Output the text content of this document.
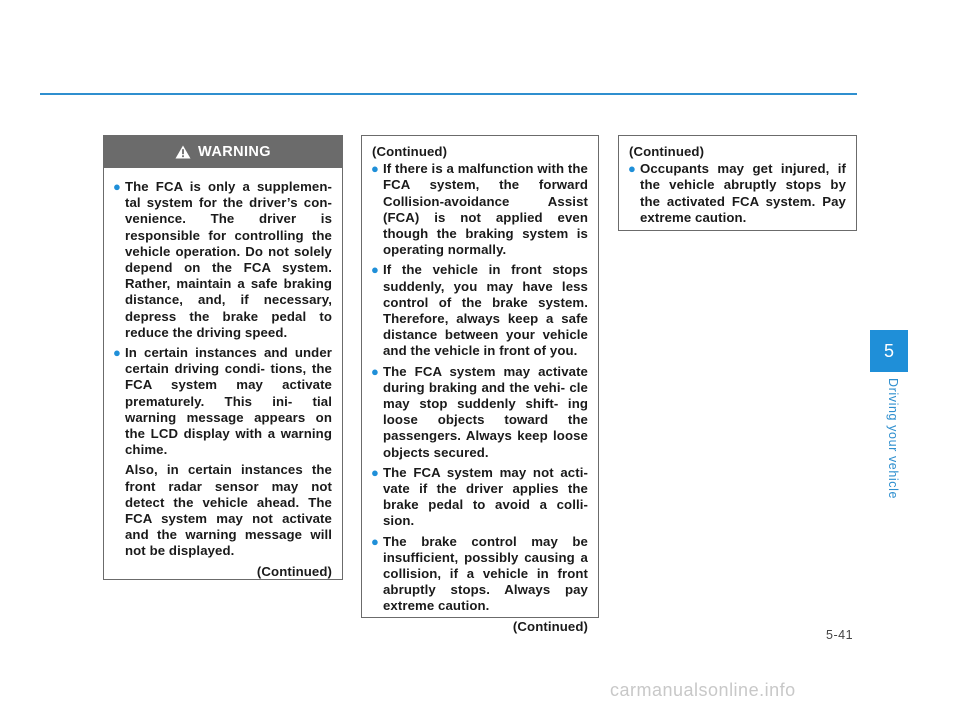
WARNING
● The FCA is only a supplemen- tal system for the driver’s con- venience. The driver is responsible for controlling the vehicle operation. Do not solely depend on the FCA system. Rather, maintain a safe braking distance, and, if necessary, depress the brake pedal to reduce the driving speed.
● In certain instances and under certain driving condi- tions, the FCA system may activate prematurely. This ini- tial warning message appears on the LCD display with a warning chime.
Also, in certain instances the front radar sensor may not detect the vehicle ahead. The FCA system may not activate and the warning message will not be displayed.
(Continued)
(Continued)
● If there is a malfunction with the FCA system, the forward Collision-avoidance Assist (FCA) is not applied even though the braking system is operating normally.
● If the vehicle in front stops suddenly, you may have less control of the brake system. Therefore, always keep a safe distance between your vehicle and the vehicle in front of you.
● The FCA system may activate during braking and the vehi- cle may stop suddenly shift- ing loose objects toward the passengers. Always keep loose objects secured.
● The FCA system may not acti- vate if the driver applies the brake pedal to avoid a colli- sion.
● The brake control may be insufficient, possibly causing a collision, if a vehicle in front abruptly stops. Always pay extreme caution.
(Continued)
(Continued)
● Occupants may get injured, if the vehicle abruptly stops by the activated FCA system. Pay extreme caution.
5
Driving your vehicle
5-41
carmanualsonline.info
